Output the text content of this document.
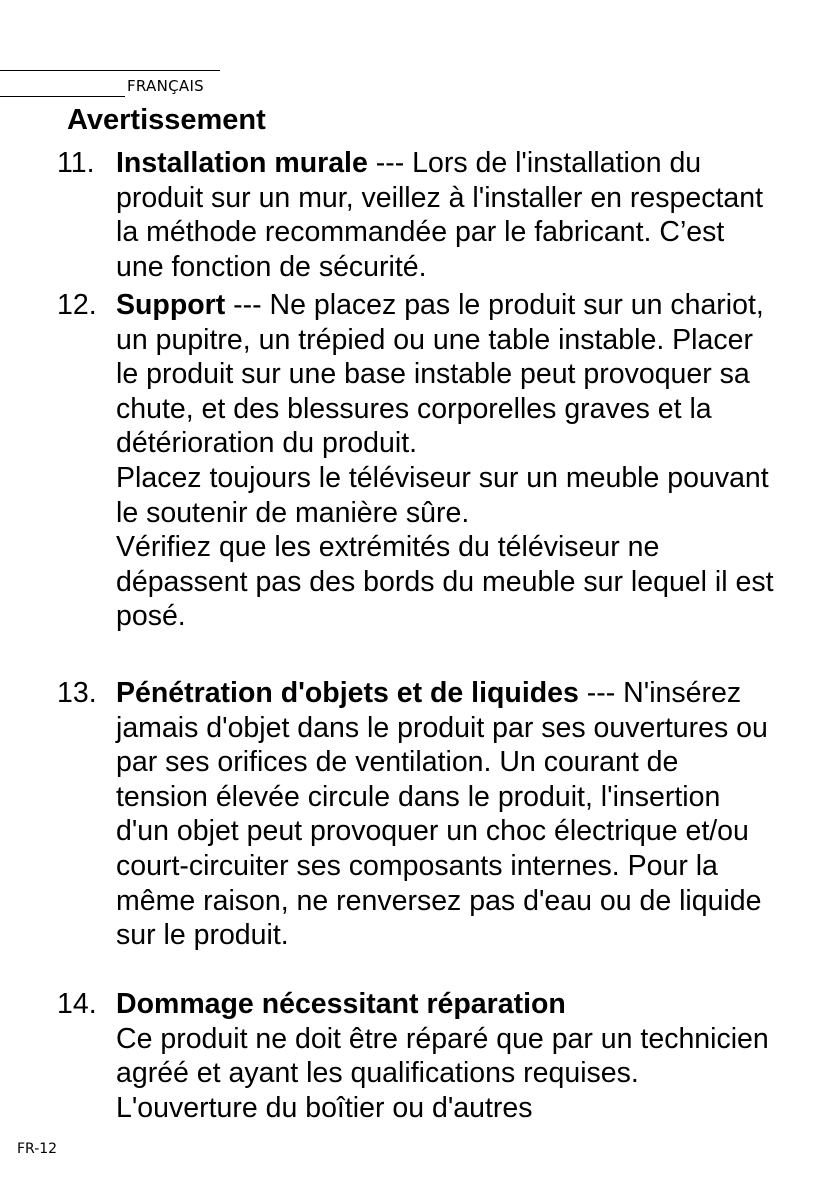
FRANÇAIS
Avertissement
11. Installation murale --- Lors de l'installation du produit sur un mur, veillez à l'installer en respectant la méthode recommandée par le fabricant. C’est une fonction de sécurité.
12. Support --- Ne placez pas le produit sur un chariot, un pupitre, un trépied ou une table instable. Placer le produit sur une base instable peut provoquer sa chute, et des blessures corporelles graves et la détérioration du produit.
Placez toujours le téléviseur sur un meuble pouvant le soutenir de manière sûre.
Vérifiez que les extrémités du téléviseur ne dépassent pas des bords du meuble sur lequel il est posé.
13. Pénétration d'objets et de liquides --- N'insérez jamais d'objet dans le produit par ses ouvertures ou par ses orifices de ventilation. Un courant de tension élevée circule dans le produit, l'insertion d'un objet peut provoquer un choc électrique et/ou court-circuiter ses composants internes. Pour la même raison, ne renversez pas d'eau ou de liquide sur le produit.
14. Dommage nécessitant réparation
Ce produit ne doit être réparé que par un technicien agréé et ayant les qualifications requises. L'ouverture du boîtier ou d'autres
FR-12
